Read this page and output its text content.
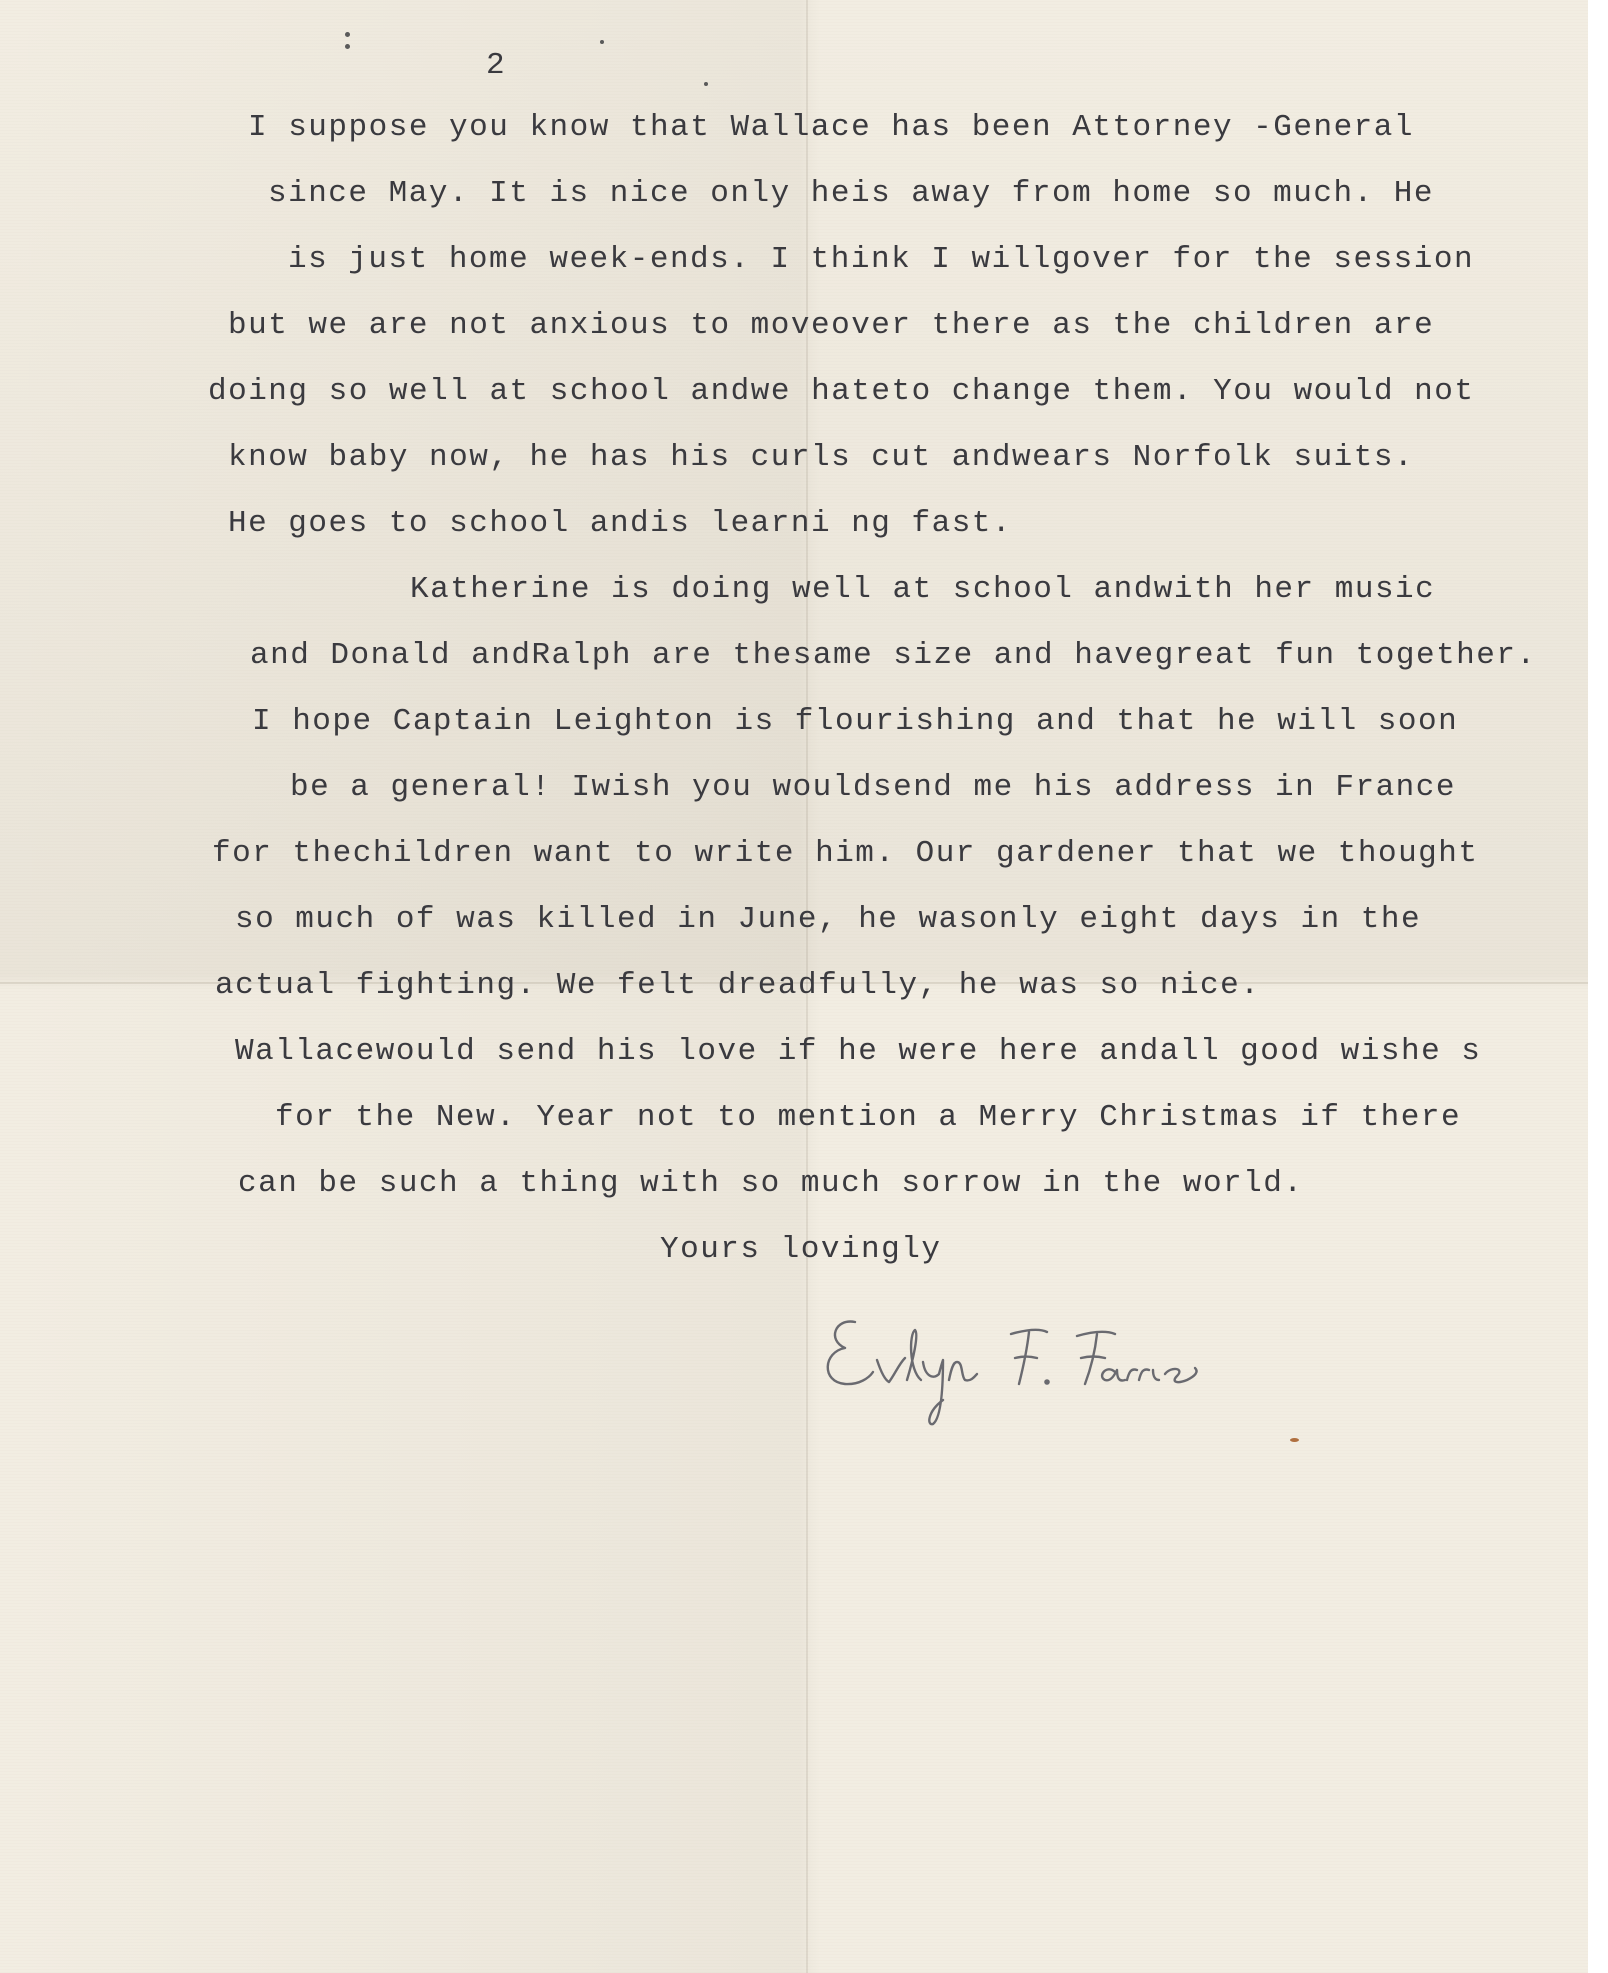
2

I suppose you know that Wallace has been Attorney -General

since May. It is nice only heis away from home so much. He

is just home week-ends. I think I willgover for the session

but we are not anxious to moveover there as the children are

doing so well at school andwe hateto change them. You would not

know baby now, he has his curls cut andwears Norfolk suits.

He goes to school andis learni ng fast.

Katherine is doing well at school andwith her music

and Donald andRalph are thesame size and havegreat fun together.

I hope Captain Leighton is flourishing and that he will soon

be a general! Iwish you wouldsend me his address in France

for thechildren want to write him. Our gardener that we thought

so much of was killed in June, he wasonly eight days in the

actual fighting. We felt dreadfully, he was so nice.

Wallacewould send his love if he were here andall good wishe s

for the New. Year not to mention a Merry Christmas if there

can be such a thing with so much sorrow in the world.

Yours lovingly
